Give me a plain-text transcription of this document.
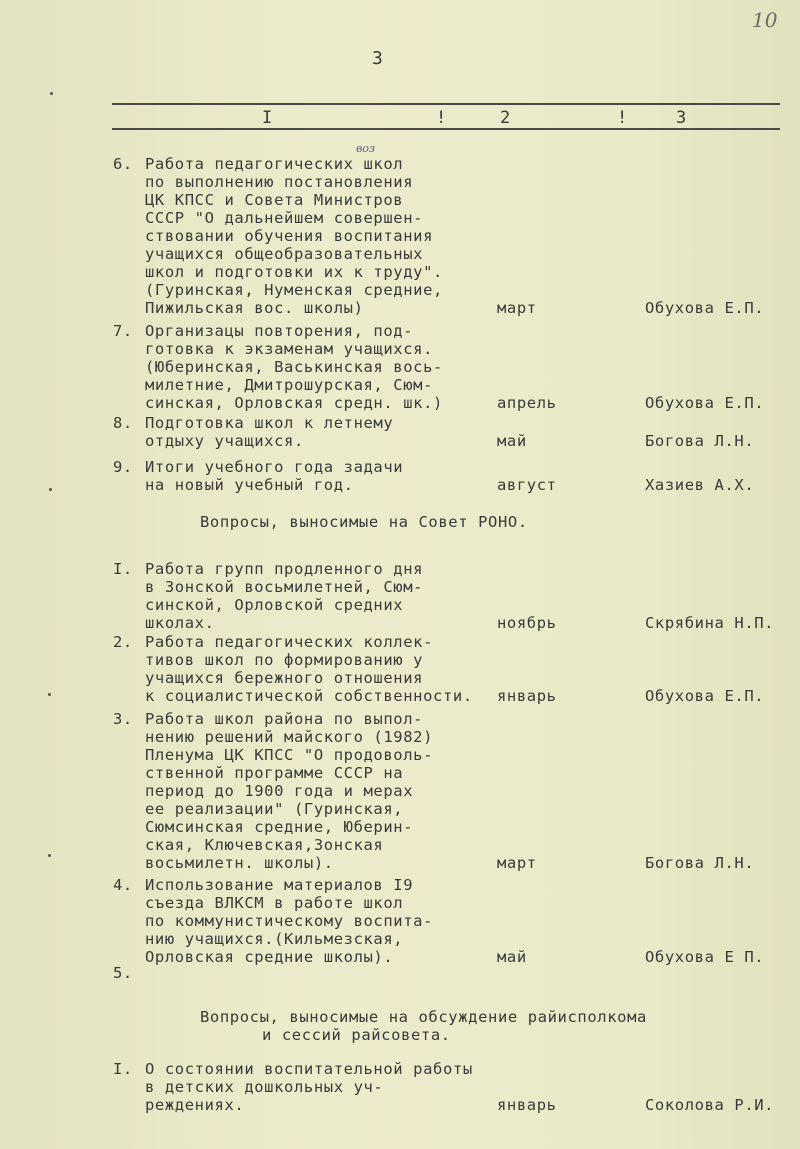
10
3
I	!	2	!	3
воз
6. Работа педагогических школ
по выполнению постановления
ЦК КПСС и Совета Министров
СССР "О дальнейшем совершен-
ствовании обучения воспитания
учащихся общеобразовательных
школ и подготовки их к труду".
(Гуринская, Нуменская средние,
Пижильская вос. школы)	март	Обухова Е.П.
7. Организацы повторения, под-
готовка к экзаменам учащихся.
(Юберинская, Васькинская вось-
милетние, Дмитрошурская, Сюм-
синская, Орловская средн. шк.)	апрель	Обухова Е.П.
8. Подготовка школ к летнему
отдыху учащихся.	май	Богова Л.Н.
9. Итоги учебного года задачи
на новый учебный год.	август	Хазиев А.Х.
Вопросы, выносимые на Совет РОНО.
I. Работа групп продленного дня
в Зонской восьмилетней, Сюм-
синской, Орловской средних
школах.	ноябрь	Скрябина Н.П.
2. Работа педагогических коллек-
тивов школ по формированию у
учащихся бережного отношения
к социалистической собственности. январь	Обухова Е.П.
3. Работа школ района по выпол-
нению решений майского (1982)
Пленума ЦК КПСС "О продоволь-
ственной программе СССР на
период до 1900 года и мерах
ее реализации" (Гуринская,
Сюмсинская средние, Юберин-
ская, Ключевская,Зонская
восьмилетн. школы).	март	Богова Л.Н.
4. Использование материалов I9
съезда ВЛКСМ в работе школ
по коммунистическому воспита-
нию учащихся.(Кильмезская,
Орловская средние школы).	май	Обухова Е П.
5.
Вопросы, выносимые на обсуждение райисполкома
и сессий райсовета.
I. О состоянии воспитательной работы
в детских дошкольных уч-
реждениях.	январь	Соколова Р.И.
